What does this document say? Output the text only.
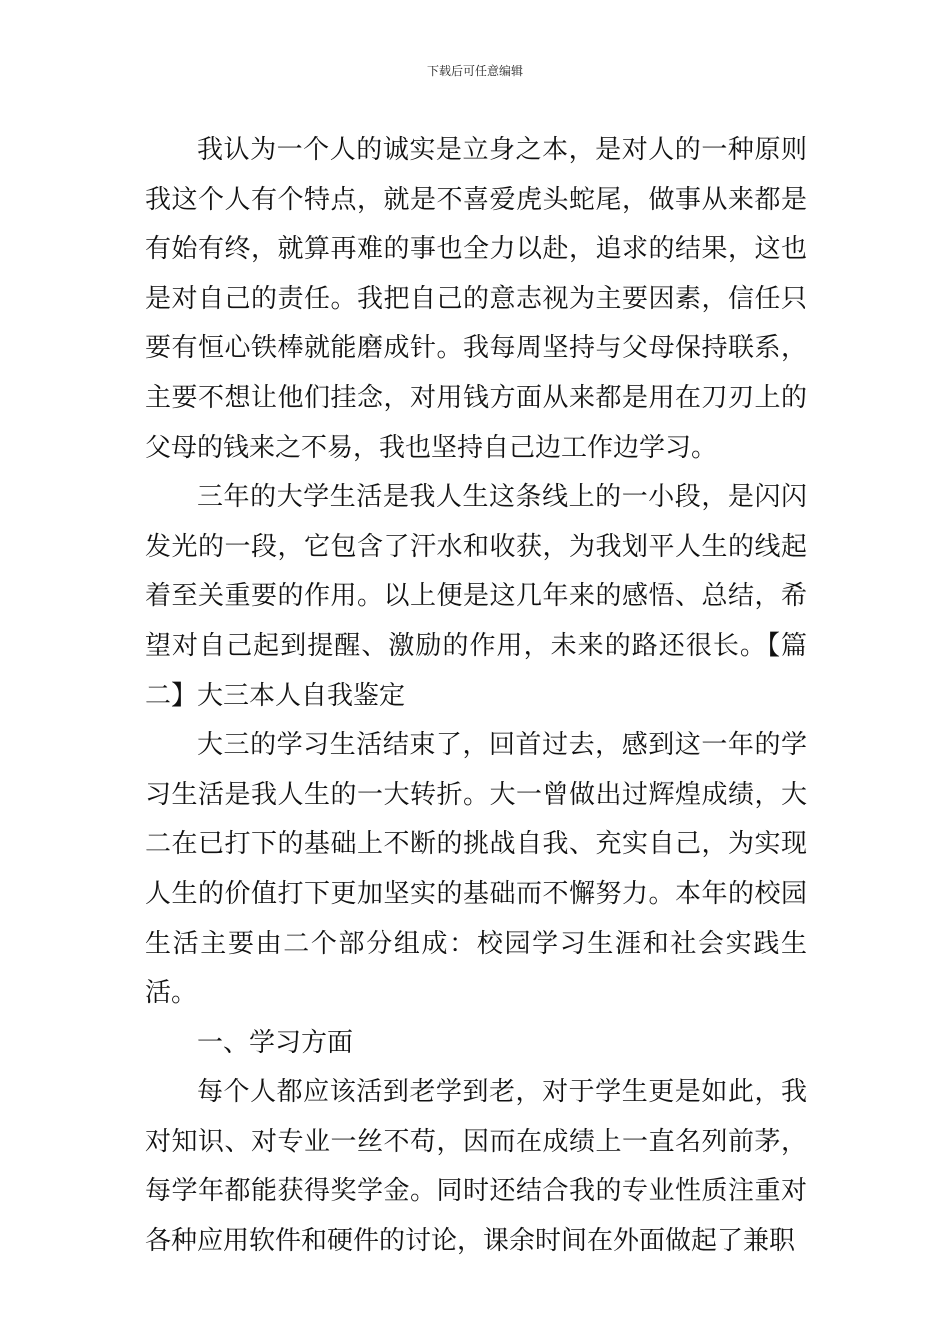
下载后可任意编辑

我认为一个人的诚实是立身之本，是对人的一种原则我这个人有个特点，就是不喜爱虎头蛇尾，做事从来都是有始有终，就算再难的事也全力以赴，追求的结果，这也是对自己的责任。我把自己的意志视为主要因素，信任只要有恒心铁棒就能磨成针。我每周坚持与父母保持联系，主要不想让他们挂念，对用钱方面从来都是用在刀刃上的父母的钱来之不易，我也坚持自己边工作边学习。

三年的大学生活是我人生这条线上的一小段，是闪闪发光的一段，它包含了汗水和收获，为我划平人生的线起着至关重要的作用。以上便是这几年来的感悟、总结，希望对自己起到提醒、激励的作用，未来的路还很长。【篇二】大三本人自我鉴定

大三的学习生活结束了，回首过去，感到这一年的学习生活是我人生的一大转折。大一曾做出过辉煌成绩，大二在已打下的基础上不断的挑战自我、充实自己，为实现人生的价值打下更加坚实的基础而不懈努力。本年的校园生活主要由二个部分组成：校园学习生涯和社会实践生活。

一、学习方面

每个人都应该活到老学到老，对于学生更是如此，我对知识、对专业一丝不苟，因而在成绩上一直名列前茅，每学年都能获得奖学金。同时还结合我的专业性质注重对各种应用软件和硬件的讨论，课余时间在外面做起了兼职
